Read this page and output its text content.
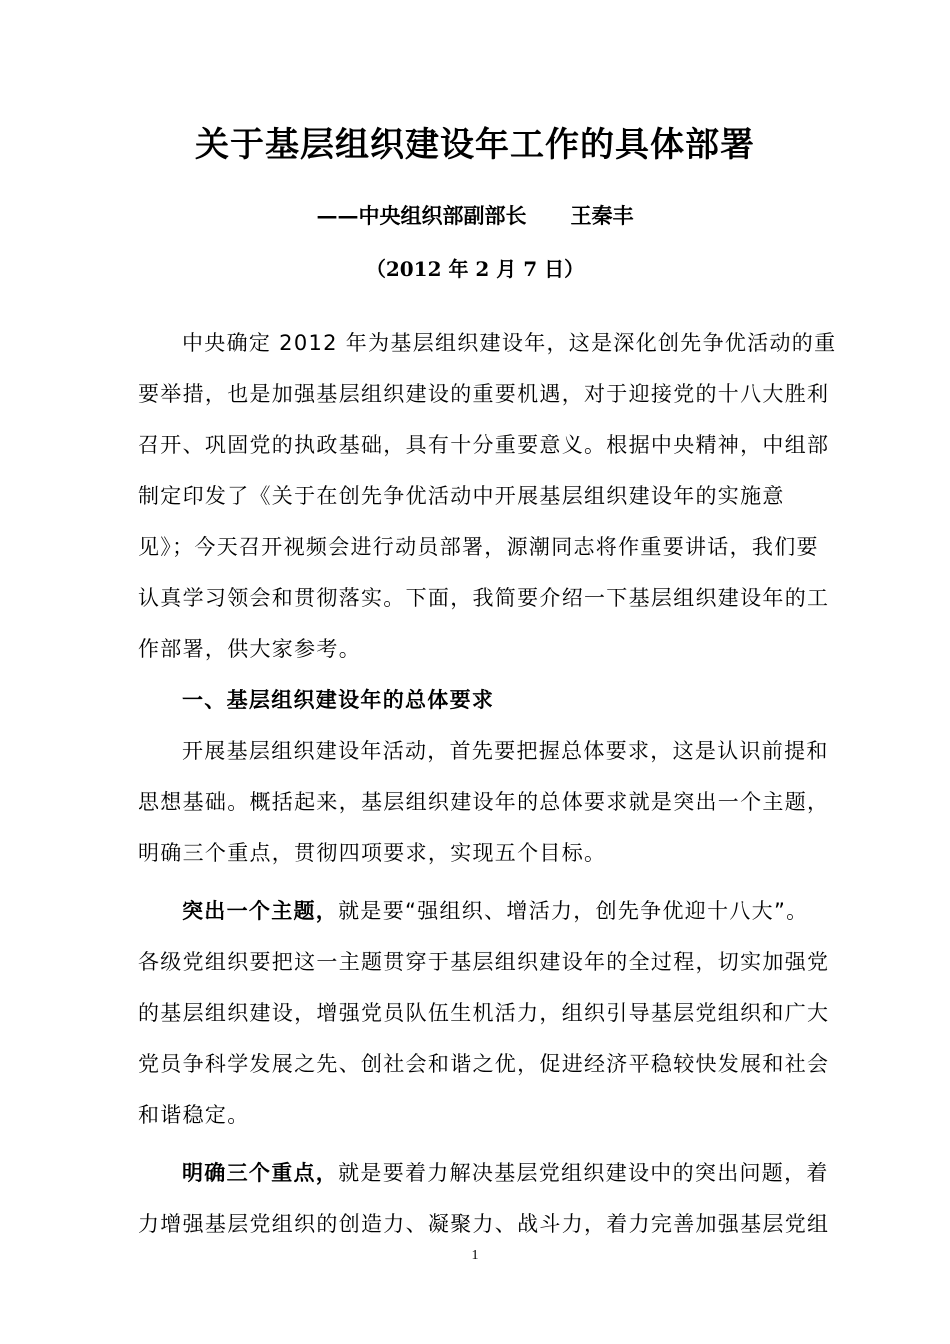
关于基层组织建设年工作的具体部署
——中央组织部副部长 王秦丰
（2012 年 2 月 7 日）
中央确定 2012 年为基层组织建设年，这是深化创先争优活动的重
要举措，也是加强基层组织建设的重要机遇，对于迎接党的十八大胜利
召开、巩固党的执政基础，具有十分重要意义。根据中央精神，中组部
制定印发了《关于在创先争优活动中开展基层组织建设年的实施意
见》；今天召开视频会进行动员部署，源潮同志将作重要讲话，我们要
认真学习领会和贯彻落实。下面，我简要介绍一下基层组织建设年的工
作部署，供大家参考。
一、基层组织建设年的总体要求
开展基层组织建设年活动，首先要把握总体要求，这是认识前提和
思想基础。概括起来，基层组织建设年的总体要求就是突出一个主题，
明确三个重点，贯彻四项要求，实现五个目标。
突出一个主题，就是要“强组织、增活力，创先争优迎十八大”。
各级党组织要把这一主题贯穿于基层组织建设年的全过程，切实加强党
的基层组织建设，增强党员队伍生机活力，组织引导基层党组织和广大
党员争科学发展之先、创社会和谐之优，促进经济平稳较快发展和社会
和谐稳定。
明确三个重点，就是要着力解决基层党组织建设中的突出问题，着
力增强基层党组织的创造力、凝聚力、战斗力，着力完善加强基层党组
1
